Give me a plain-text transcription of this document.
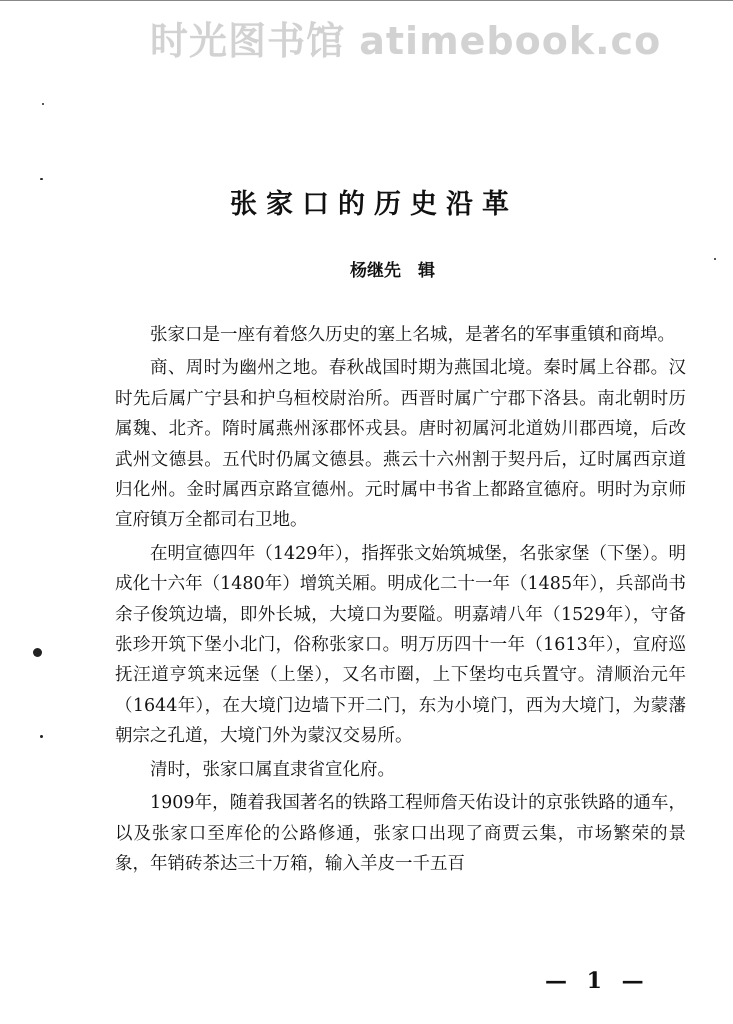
时光图书馆 atimebook.co
张家口的历史沿革
杨继先　辑

张家口是一座有着悠久历史的塞上名城，是著名的军事重镇和商埠。

商、周时为幽州之地。春秋战国时期为燕国北境。秦时属上谷郡。汉时先后属广宁县和护乌桓校尉治所。西晋时属广宁郡下洛县。南北朝时历属魏、北齐。隋时属燕州涿郡怀戎县。唐时初属河北道妫川郡西境，后改武州文德县。五代时仍属文德县。燕云十六州割于契丹后，辽时属西京道归化州。金时属西京路宣德州。元时属中书省上都路宣德府。明时为京师宣府镇万全都司右卫地。

在明宣德四年（1429年），指挥张文始筑城堡，名张家堡（下堡）。明成化十六年（1480年）增筑关厢。明成化二十一年（1485年），兵部尚书余子俊筑边墙，即外长城，大境口为要隘。明嘉靖八年（1529年），守备张珍开筑下堡小北门，俗称张家口。明万历四十一年（1613年），宣府巡抚汪道亨筑来远堡（上堡），又名市圈，上下堡均屯兵置守。清顺治元年（1644年），在大境门边墙下开二门，东为小境门，西为大境门，为蒙藩朝宗之孔道，大境门外为蒙汉交易所。

清时，张家口属直隶省宣化府。

1909年，随着我国著名的铁路工程师詹天佑设计的京张铁路的通车，以及张家口至库伦的公路修通，张家口出现了商贾云集，市场繁荣的景象，年销砖茶达三十万箱，输入羊皮一千五百

— 1 —
